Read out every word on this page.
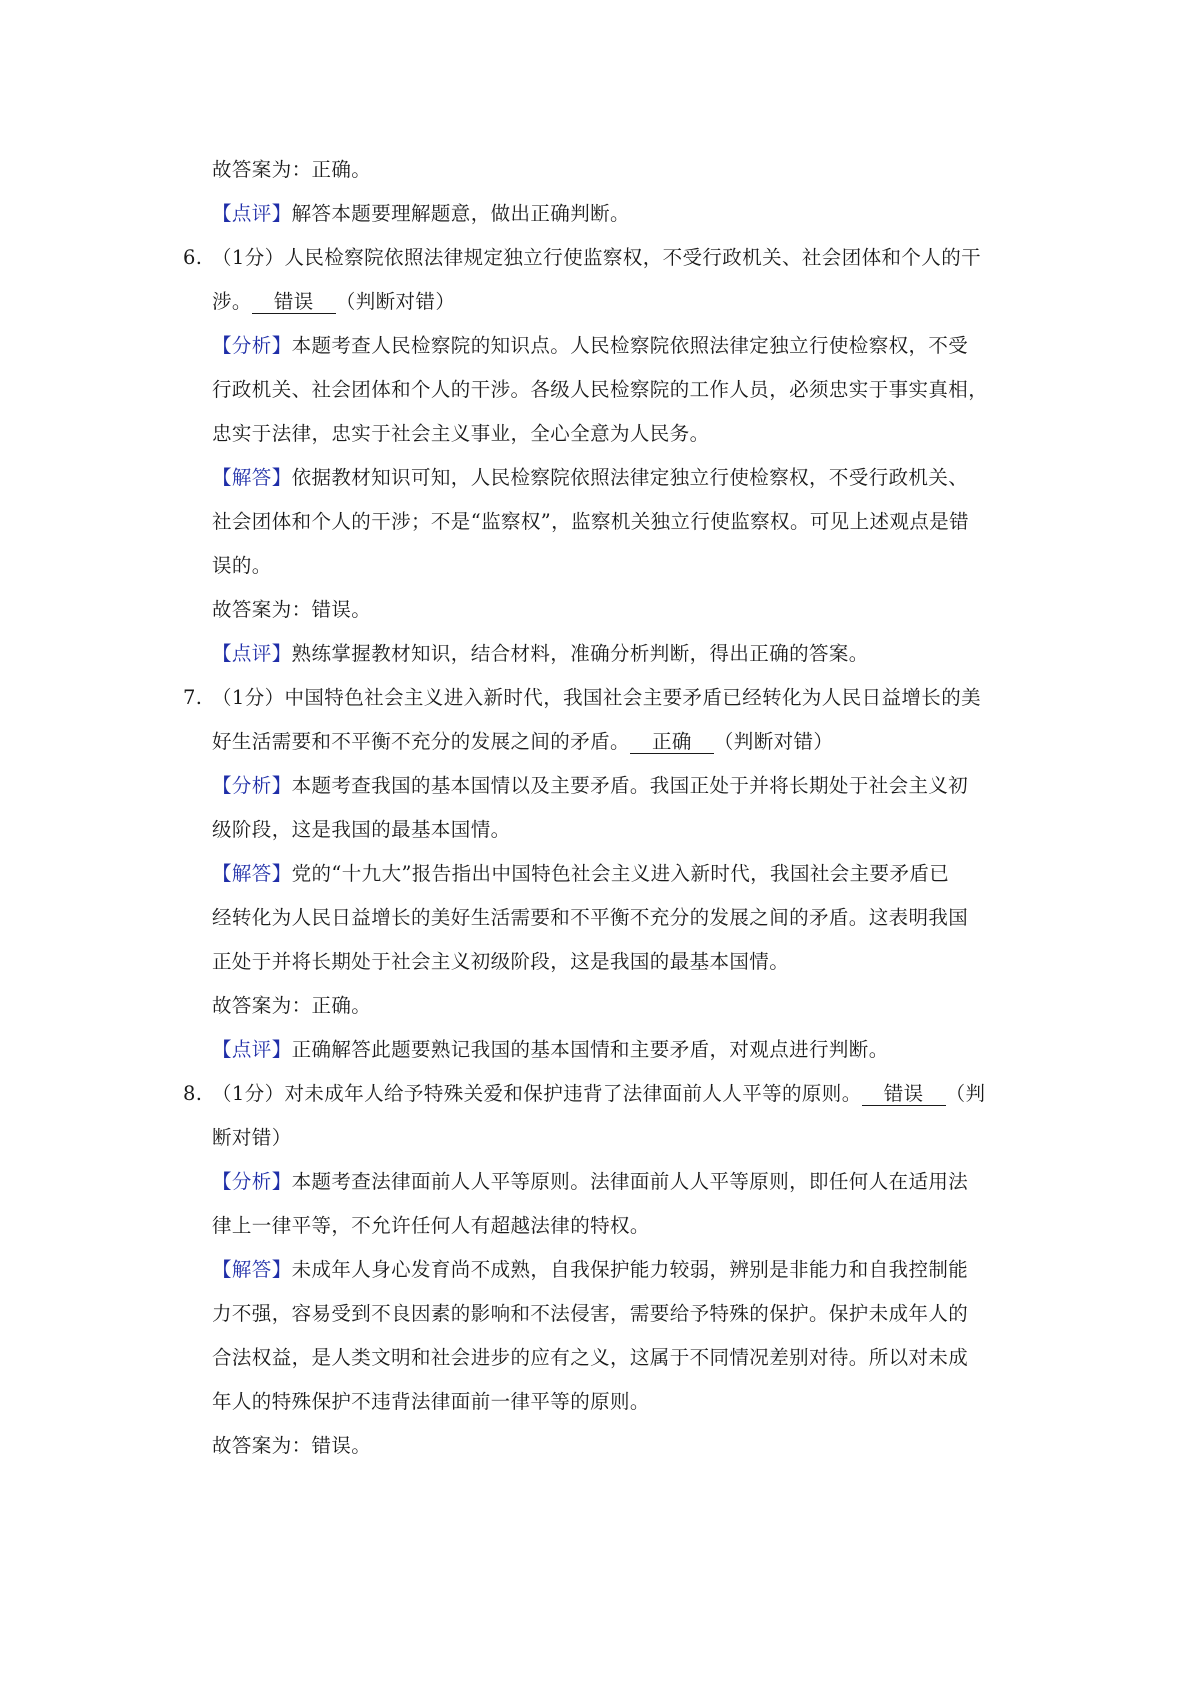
故答案为：正确。
【点评】解答本题要理解题意，做出正确判断。
6. （1分）人民检察院依照法律规定独立行使监察权，不受行政机关、社会团体和个人的干
涉。 错误 （判断对错）
【分析】本题考查人民检察院的知识点。人民检察院依照法律定独立行使检察权，不受
行政机关、社会团体和个人的干涉。各级人民检察院的工作人员，必须忠实于事实真相，
忠实于法律，忠实于社会主义事业，全心全意为人民务。
【解答】依据教材知识可知，人民检察院依照法律定独立行使检察权，不受行政机关、
社会团体和个人的干涉；不是“监察权”，监察机关独立行使监察权。可见上述观点是错
误的。
故答案为：错误。
【点评】熟练掌握教材知识，结合材料，准确分析判断，得出正确的答案。
7. （1分）中国特色社会主义进入新时代，我国社会主要矛盾已经转化为人民日益增长的美
好生活需要和不平衡不充分的发展之间的矛盾。 正确 （判断对错）
【分析】本题考查我国的基本国情以及主要矛盾。我国正处于并将长期处于社会主义初
级阶段，这是我国的最基本国情。
【解答】党的“十九大”报告指出中国特色社会主义进入新时代，我国社会主要矛盾已
经转化为人民日益增长的美好生活需要和不平衡不充分的发展之间的矛盾。这表明我国
正处于并将长期处于社会主义初级阶段，这是我国的最基本国情。
故答案为：正确。
【点评】正确解答此题要熟记我国的基本国情和主要矛盾，对观点进行判断。
8. （1分）对未成年人给予特殊关爱和保护违背了法律面前人人平等的原则。 错误 （判
断对错）
【分析】本题考查法律面前人人平等原则。法律面前人人平等原则，即任何人在适用法
律上一律平等，不允许任何人有超越法律的特权。
【解答】未成年人身心发育尚不成熟，自我保护能力较弱，辨别是非能力和自我控制能
力不强，容易受到不良因素的影响和不法侵害，需要给予特殊的保护。保护未成年人的
合法权益，是人类文明和社会进步的应有之义，这属于不同情况差别对待。所以对未成
年人的特殊保护不违背法律面前一律平等的原则。
故答案为：错误。
